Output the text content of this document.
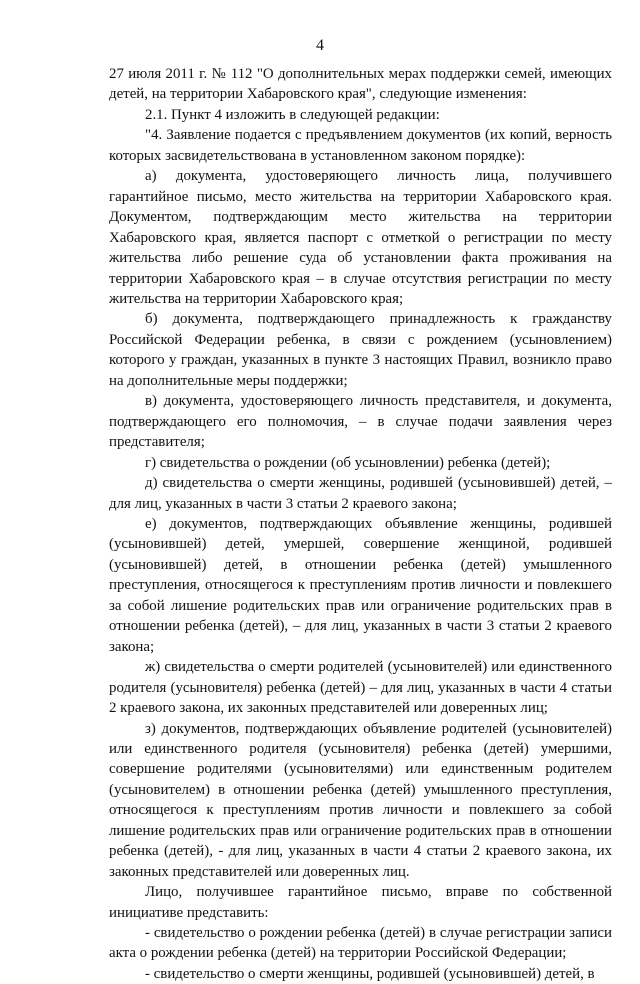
4

27 июля 2011 г. № 112 "О дополнительных мерах поддержки семей, имеющих детей, на территории Хабаровского края", следующие изменения:

2.1. Пункт 4 изложить в следующей редакции:

"4. Заявление подается с предъявлением документов (их копий, верность которых засвидетельствована в установленном законом порядке):

а) документа, удостоверяющего личность лица, получившего гарантийное письмо, место жительства на территории Хабаровского края. Документом, подтверждающим место жительства на территории Хабаровского края, является паспорт с отметкой о регистрации по месту жительства либо решение суда об установлении факта проживания на территории Хабаровского края – в случае отсутствия регистрации по месту жительства на территории Хабаровского края;

б) документа, подтверждающего принадлежность к гражданству Российской Федерации ребенка, в связи с рождением (усыновлением) которого у граждан, указанных в пункте 3 настоящих Правил, возникло право на дополнительные меры поддержки;

в) документа, удостоверяющего личность представителя, и документа, подтверждающего его полномочия, – в случае подачи заявления через представителя;

г) свидетельства о рождении (об усыновлении) ребенка (детей);

д) свидетельства о смерти женщины, родившей (усыновившей) детей, – для лиц, указанных в части 3 статьи 2 краевого закона;

е) документов, подтверждающих объявление женщины, родившей (усыновившей) детей, умершей, совершение женщиной, родившей (усыновившей) детей, в отношении ребенка (детей) умышленного преступления, относящегося к преступлениям против личности и повлекшего за собой лишение родительских прав или ограничение родительских прав в отношении ребенка (детей), – для лиц, указанных в части 3 статьи 2 краевого закона;

ж) свидетельства о смерти родителей (усыновителей) или единственного родителя (усыновителя) ребенка (детей) – для лиц, указанных в части 4 статьи 2 краевого закона, их законных представителей или доверенных лиц;

з) документов, подтверждающих объявление родителей (усыновителей) или единственного родителя (усыновителя) ребенка (детей) умершими, совершение родителями (усыновителями) или единственным родителем (усыновителем) в отношении ребенка (детей) умышленного преступления, относящегося к преступлениям против личности и повлекшего за собой лишение родительских прав или ограничение родительских прав в отношении ребенка (детей), - для лиц, указанных в части 4 статьи 2 краевого закона, их законных представителей или доверенных лиц.

Лицо, получившее гарантийное письмо, вправе по собственной инициативе представить:

- свидетельство о рождении ребенка (детей) в случае регистрации записи акта о рождении ребенка (детей) на территории Российской Федерации;

- свидетельство о смерти женщины, родившей (усыновившей) детей, в
